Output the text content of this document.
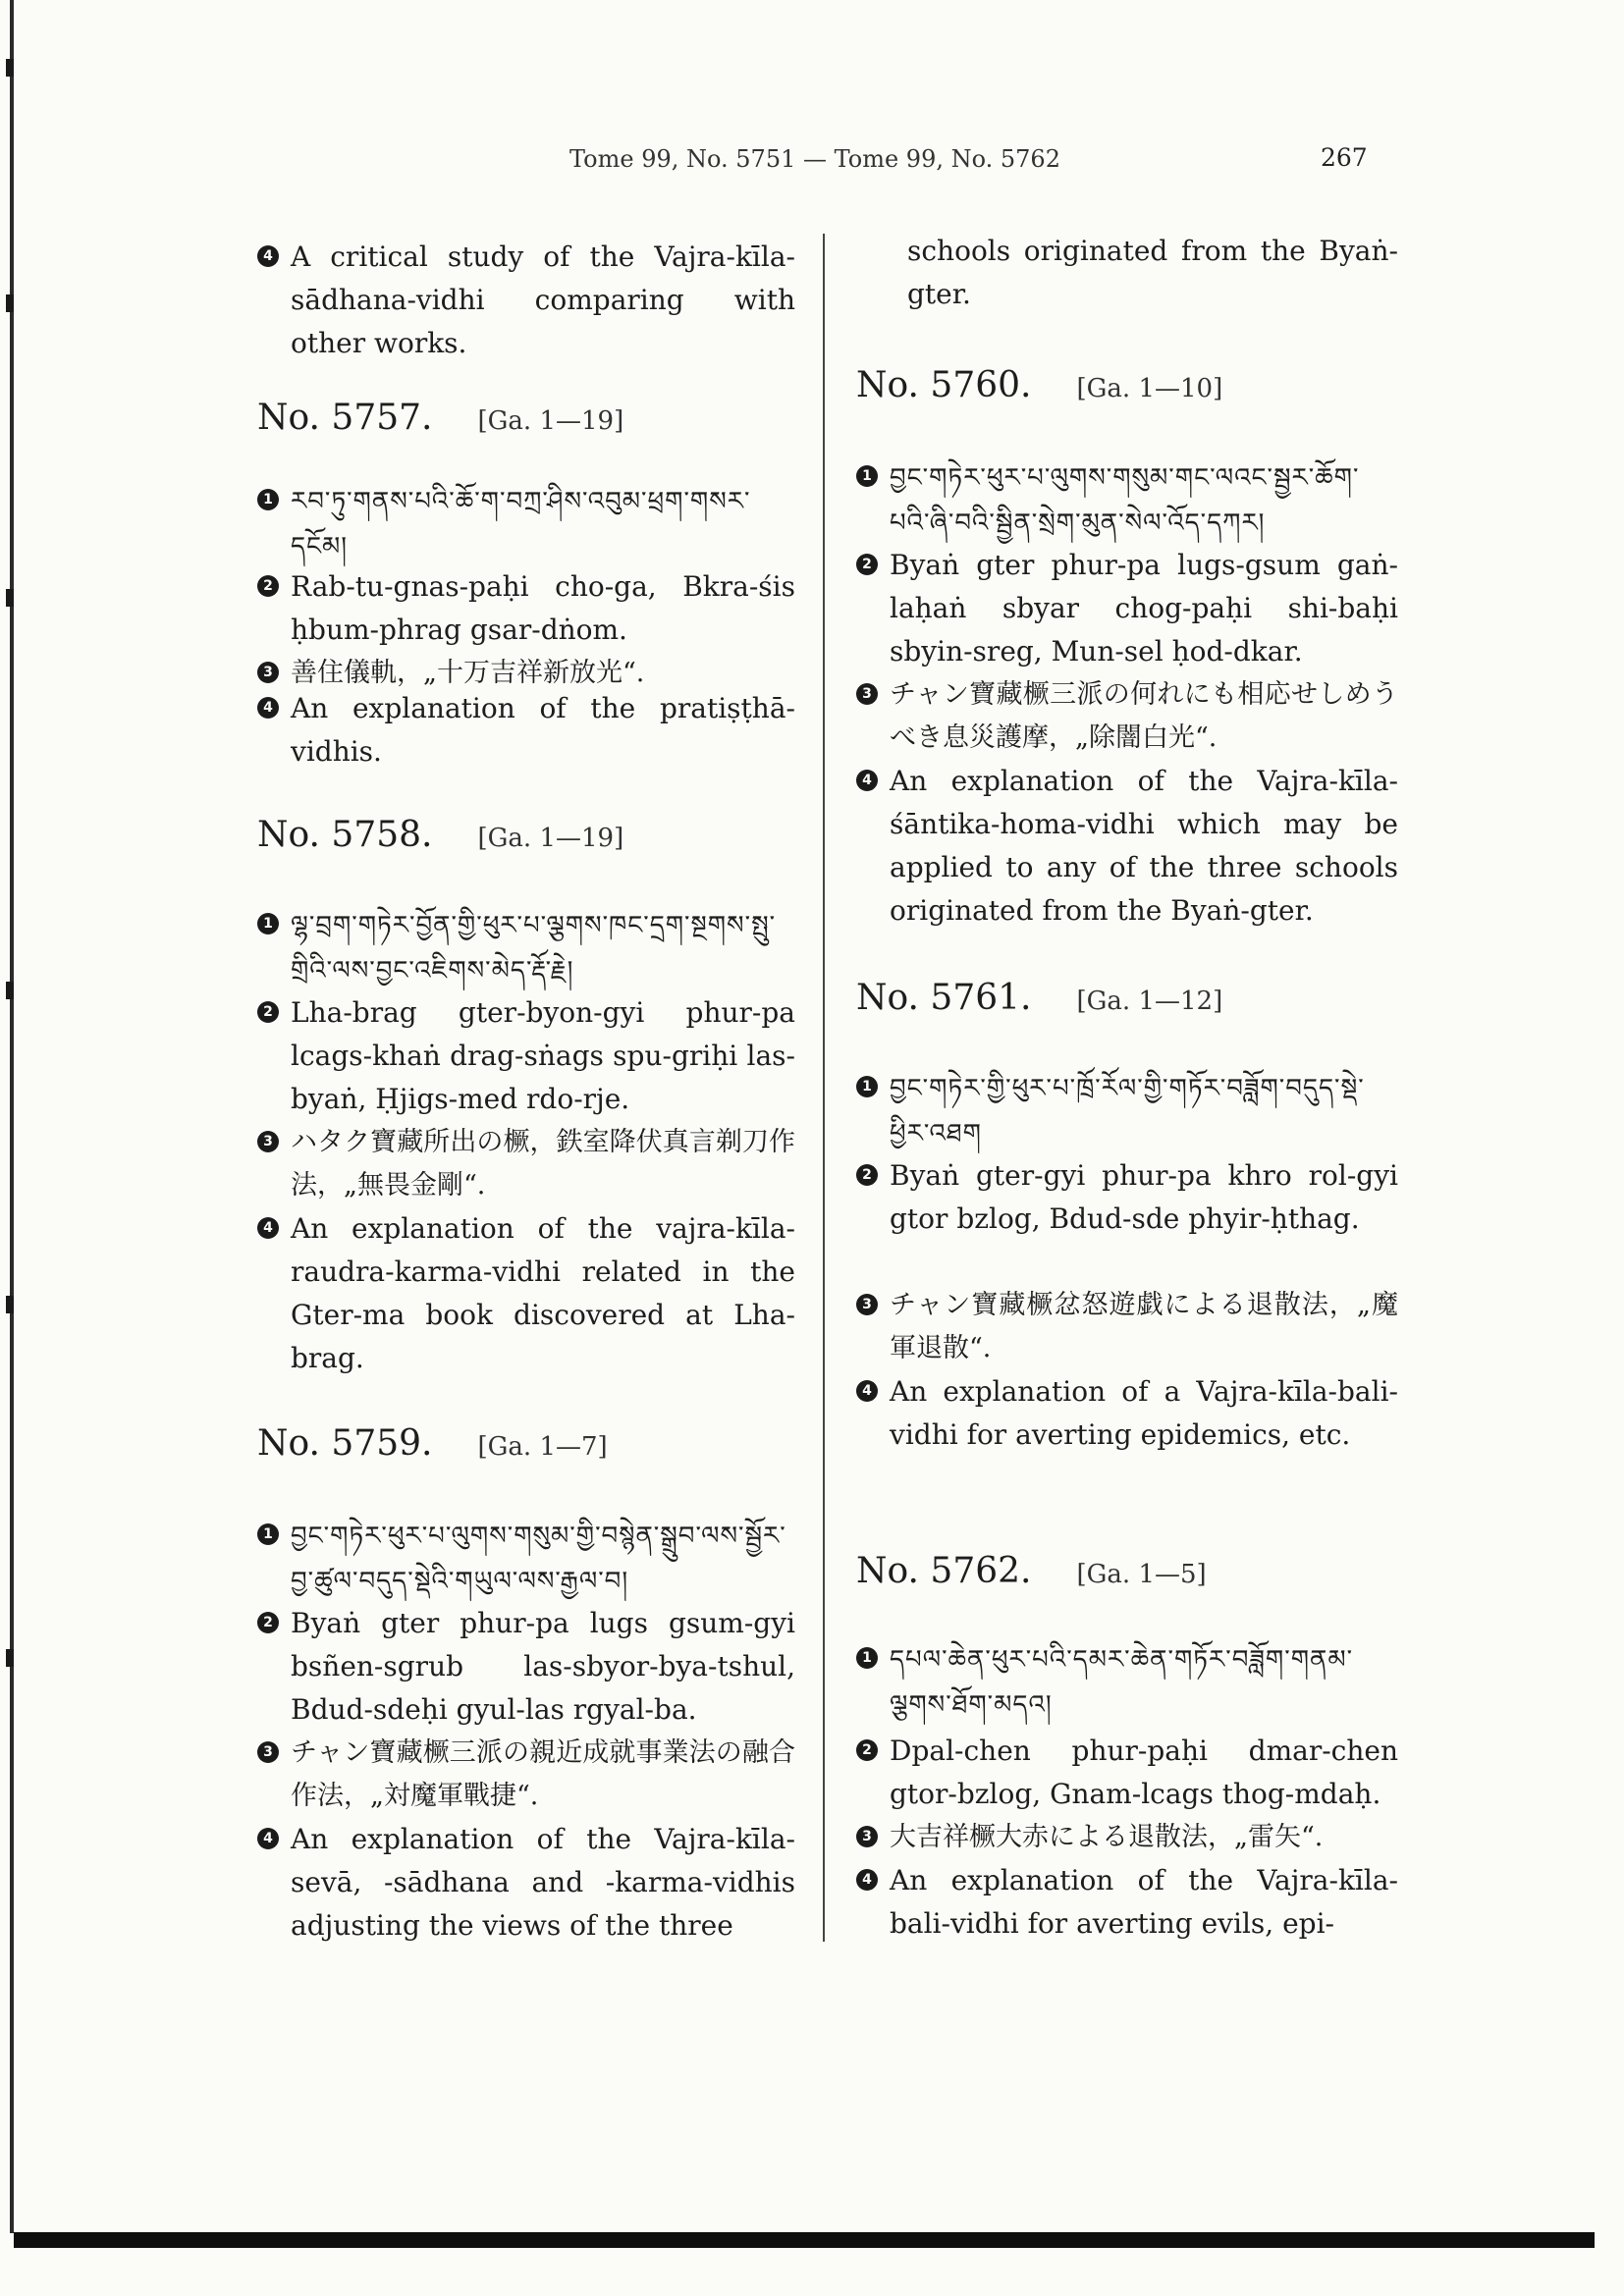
Tome 99, No. 5751 — Tome 99, No. 5762	267
4 A critical study of the Vajra-kīla-sādhana-vidhi comparing with other works.
No. 5757. [Ga. 1—19]
1 རབ་ཏུ་གནས་པའི་ཆོ་ག་བཀྲ་ཤིས་འབུམ་ཕྲག་གསར་དངོམ།
2 Rab-tu-gnas-paḥi cho-ga, Bkra-śis ḥbum-phrag gsar-dṅom.
3 善住儀軌，„十万吉祥新放光“.
4 An explanation of the pratiṣṭhā-vidhis.
No. 5758. [Ga. 1—19]
1 ལྷ་བྲག་གཏེར་བྱོན་གྱི་ཕུར་པ་ལྕགས་ཁང་དྲག་སྔགས་སྤུ་གྲིའི་ལས་བྱང་འཇིགས་མེད་རྡོ་རྗེ།
2 Lha-brag gter-byon-gyi phur-pa lcags-khaṅ drag-sṅags spu-griḥi las-byaṅ, Ḥjigs-med rdo-rje.
3 ハタク寶藏所出の橛，鉄室降伏真言剃刀作法，„無畏金剛“.
4 An explanation of the vajra-kīla-raudra-karma-vidhi related in the Gter-ma book discovered at Lha-brag.
No. 5759. [Ga. 1—7]
1 བྱང་གཏེར་ཕུར་པ་ལུགས་གསུམ་གྱི་བསྙེན་སྒྲུབ་ལས་སྦྱོར་བྱ་ཚུལ་བདུད་སྡེའི་གཡུལ་ལས་རྒྱལ་བ།
2 Byaṅ gter phur-pa lugs gsum-gyi bsñen-sgrub las-sbyor-bya-tshul, Bdud-sdeḥi gyul-las rgyal-ba.
3 チャン寶藏橛三派の親近成就事業法の融合作法，„対魔軍戰捷“.
4 An explanation of the Vajra-kīla-sevā, -sādhana and -karma-vidhis adjusting the views of the three
schools originated from the Byaṅ-gter.
No. 5760. [Ga. 1—10]
1 བྱང་གཏེར་ཕུར་པ་ལུགས་གསུམ་གང་ལའང་སྦྱར་ཆོག་པའི་ཞི་བའི་སྦྱིན་སྲེག་མུན་སེལ་འོད་དཀར།
2 Byaṅ gter phur-pa lugs-gsum gaṅ-laḥaṅ sbyar chog-paḥi shi-baḥi sbyin-sreg, Mun-sel ḥod-dkar.
3 チャン寶藏橛三派の何れにも相応せしめうべき息災護摩，„除闇白光“.
4 An explanation of the Vajra-kīla-śāntika-homa-vidhi which may be applied to any of the three schools originated from the Byaṅ-gter.
No. 5761. [Ga. 1—12]
1 བྱང་གཏེར་གྱི་ཕུར་པ་ཁྲོ་རོལ་གྱི་གཏོར་བཟློག་བདུད་སྡེ་ཕྱིར་འཐག
2 Byaṅ gter-gyi phur-pa khro rol-gyi gtor bzlog, Bdud-sde phyir-ḥthag.
3 チャン寶藏橛忿怒遊戯による退散法，„魔軍退散“.
4 An explanation of a Vajra-kīla-bali-vidhi for averting epidemics, etc.
No. 5762. [Ga. 1—5]
1 དཔལ་ཆེན་ཕུར་པའི་དམར་ཆེན་གཏོར་བཟློག་གནམ་ལྕགས་ཐོག་མདའ།
2 Dpal-chen phur-paḥi dmar-chen gtor-bzlog, Gnam-lcags thog-mdaḥ.
3 大吉祥橛大赤による退散法，„雷矢“.
4 An explanation of the Vajra-kīla-bali-vidhi for averting evils, epi-
